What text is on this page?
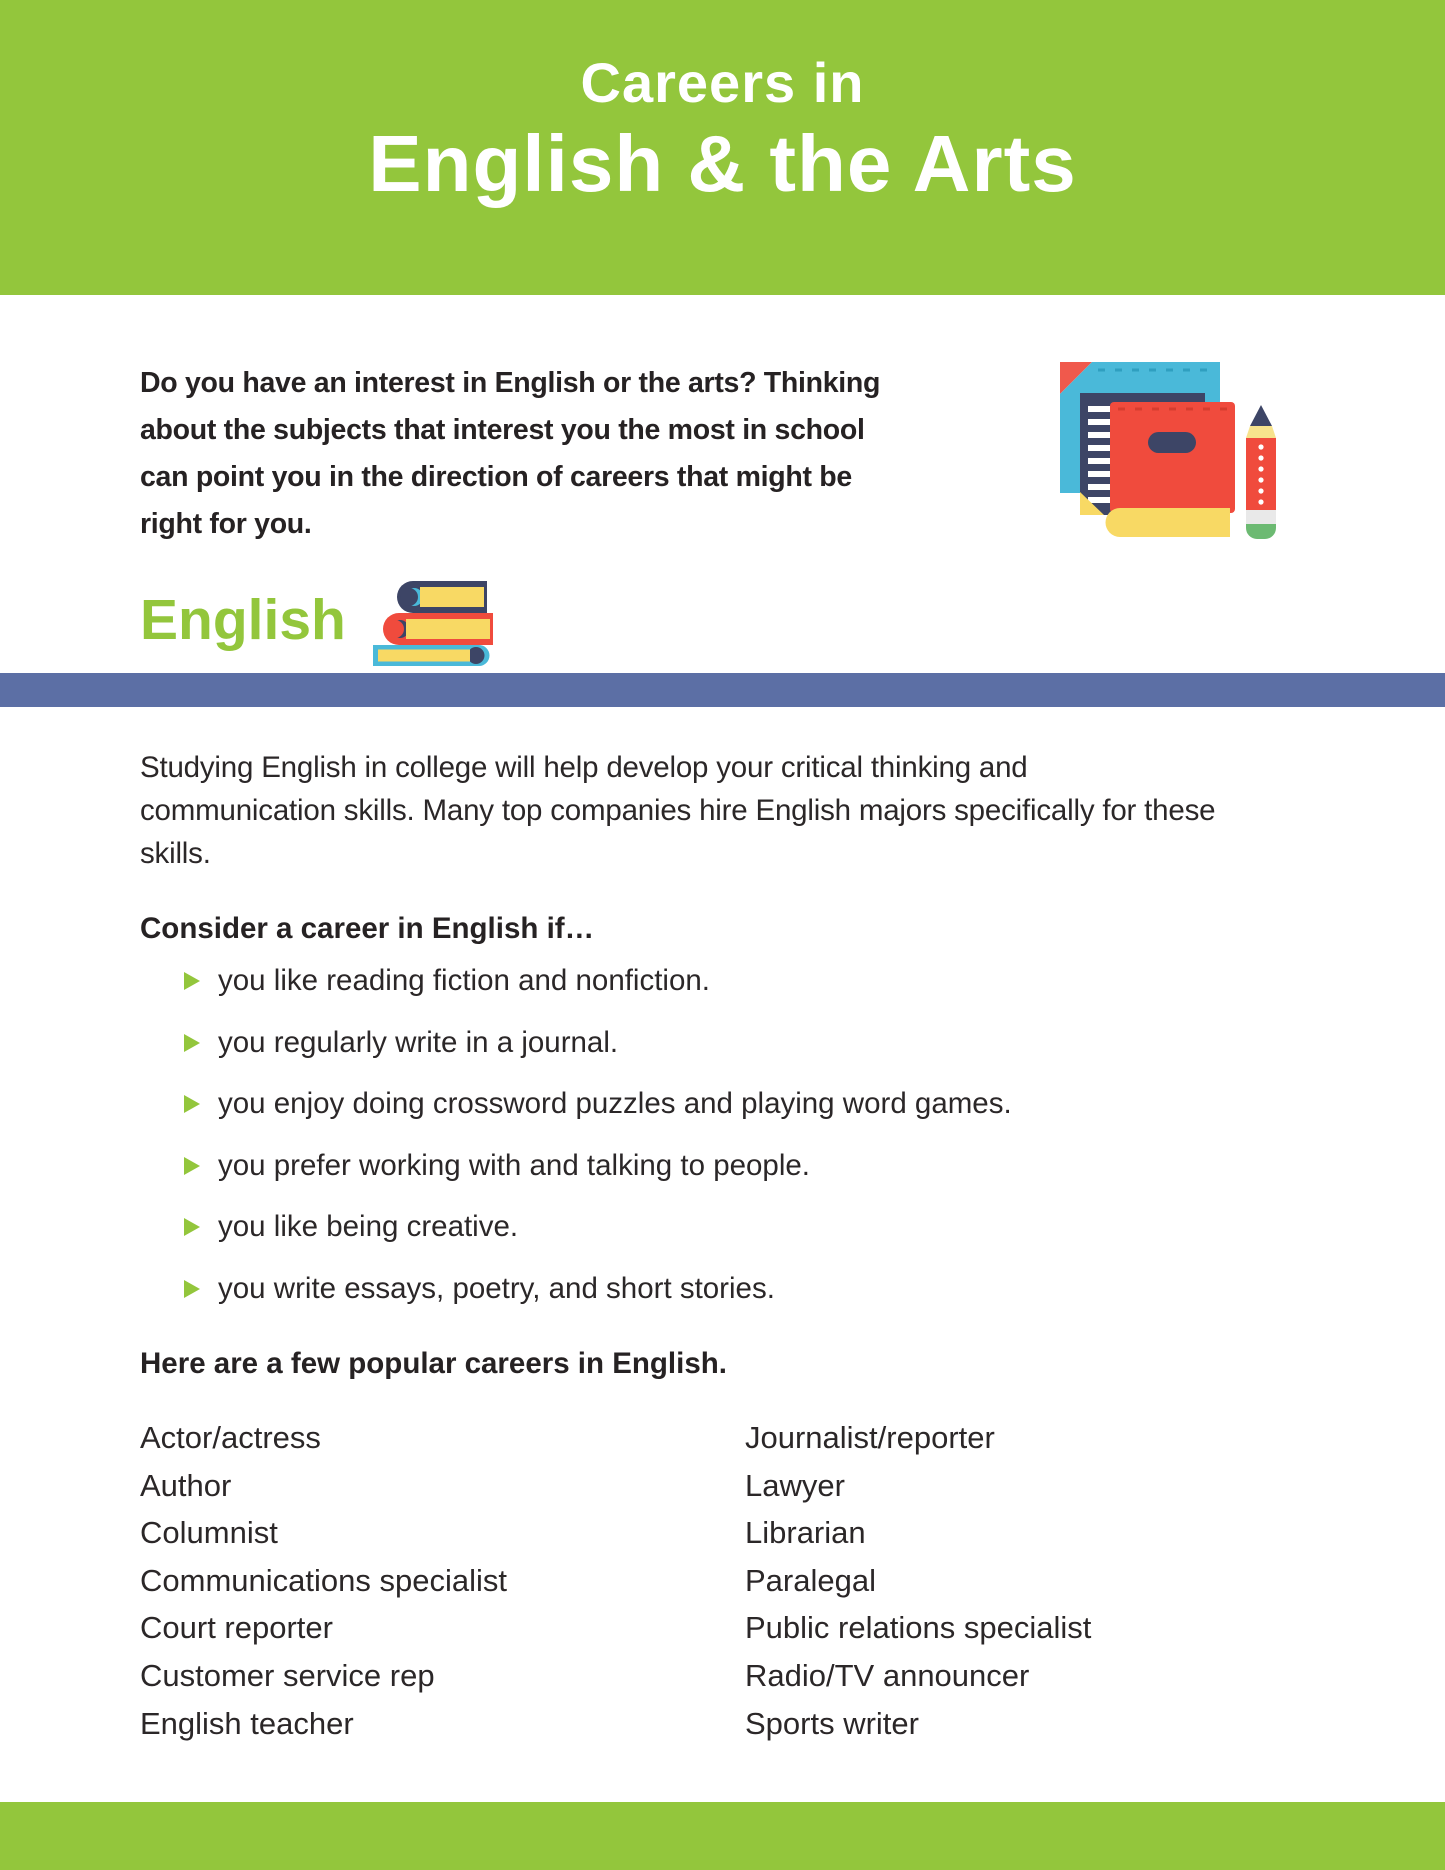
Careers in
English & the Arts

Do you have an interest in English or the arts? Thinking about the subjects that interest you the most in school can point you in the direction of careers that might be right for you.

English

Studying English in college will help develop your critical thinking and communication skills. Many top companies hire English majors specifically for these skills.

Consider a career in English if…
you like reading fiction and nonfiction.
you regularly write in a journal.
you enjoy doing crossword puzzles and playing word games.
you prefer working with and talking to people.
you like being creative.
you write essays, poetry, and short stories.
Here are a few popular careers in English.
Actor/actress
Author
Columnist
Communications specialist
Court reporter
Customer service rep
English teacher
Journalist/reporter
Lawyer
Librarian
Paralegal
Public relations specialist
Radio/TV announcer
Sports writer
